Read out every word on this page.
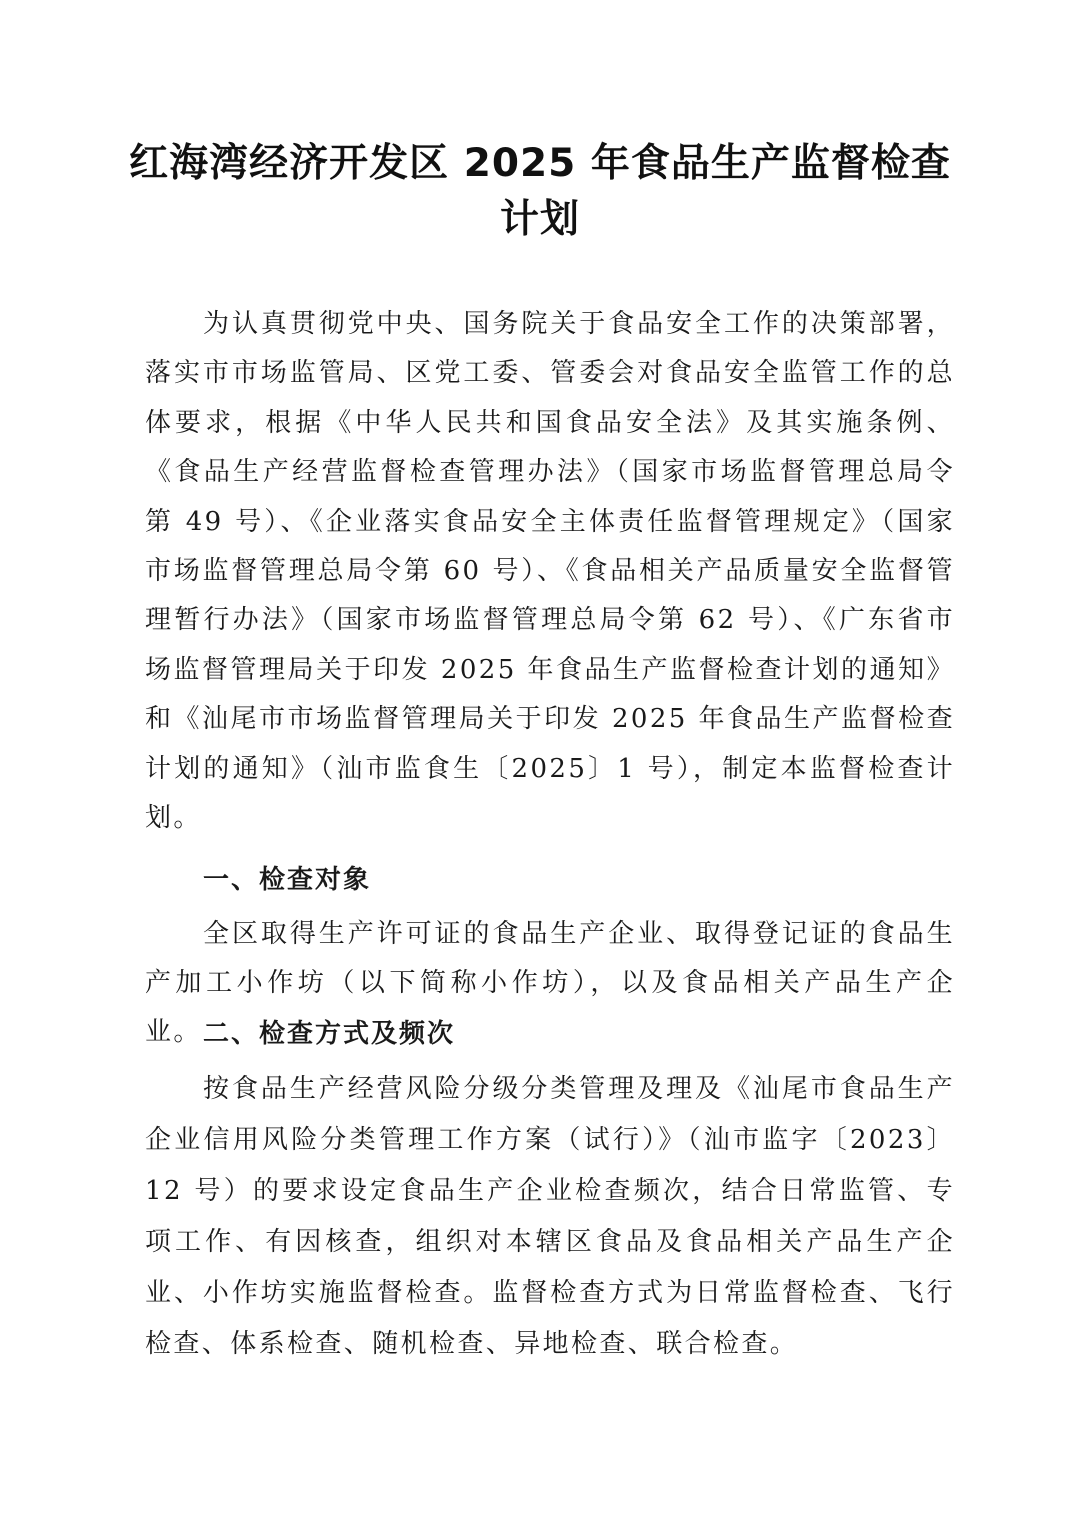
红海湾经济开发区 2025 年食品生产监督检查
计划

为认真贯彻党中央、国务院关于食品安全工作的决策部署，落实市市场监管局、区党工委、管委会对食品安全监管工作的总体要求，根据《中华人民共和国食品安全法》及其实施条例、《食品生产经营监督检查管理办法》（国家市场监督管理总局令第 49 号）、《企业落实食品安全主体责任监督管理规定》（国家市场监督管理总局令第 60 号）、《食品相关产品质量安全监督管理暂行办法》（国家市场监督管理总局令第 62 号）、《广东省市场监督管理局关于印发 2025 年食品生产监督检查计划的通知》和《汕尾市市场监督管理局关于印发 2025 年食品生产监督检查计划的通知》（汕市监食生〔2025〕1 号），制定本监督检查计划。

一、检查对象

全区取得生产许可证的食品生产企业、取得登记证的食品生产加工小作坊（以下简称小作坊），以及食品相关产品生产企业。 二、检查方式及频次

按食品生产经营风险分级分类管理及理及《汕尾市食品生产企业信用风险分类管理工作方案（试行）》（汕市监字〔2023〕12 号）的要求设定食品生产企业检查频次，结合日常监管、专项工作、有因核查，组织对本辖区食品及食品相关产品生产企业、小作坊实施监督检查。监督检查方式为日常监督检查、飞行检查、体系检查、随机检查、异地检查、联合检查。
